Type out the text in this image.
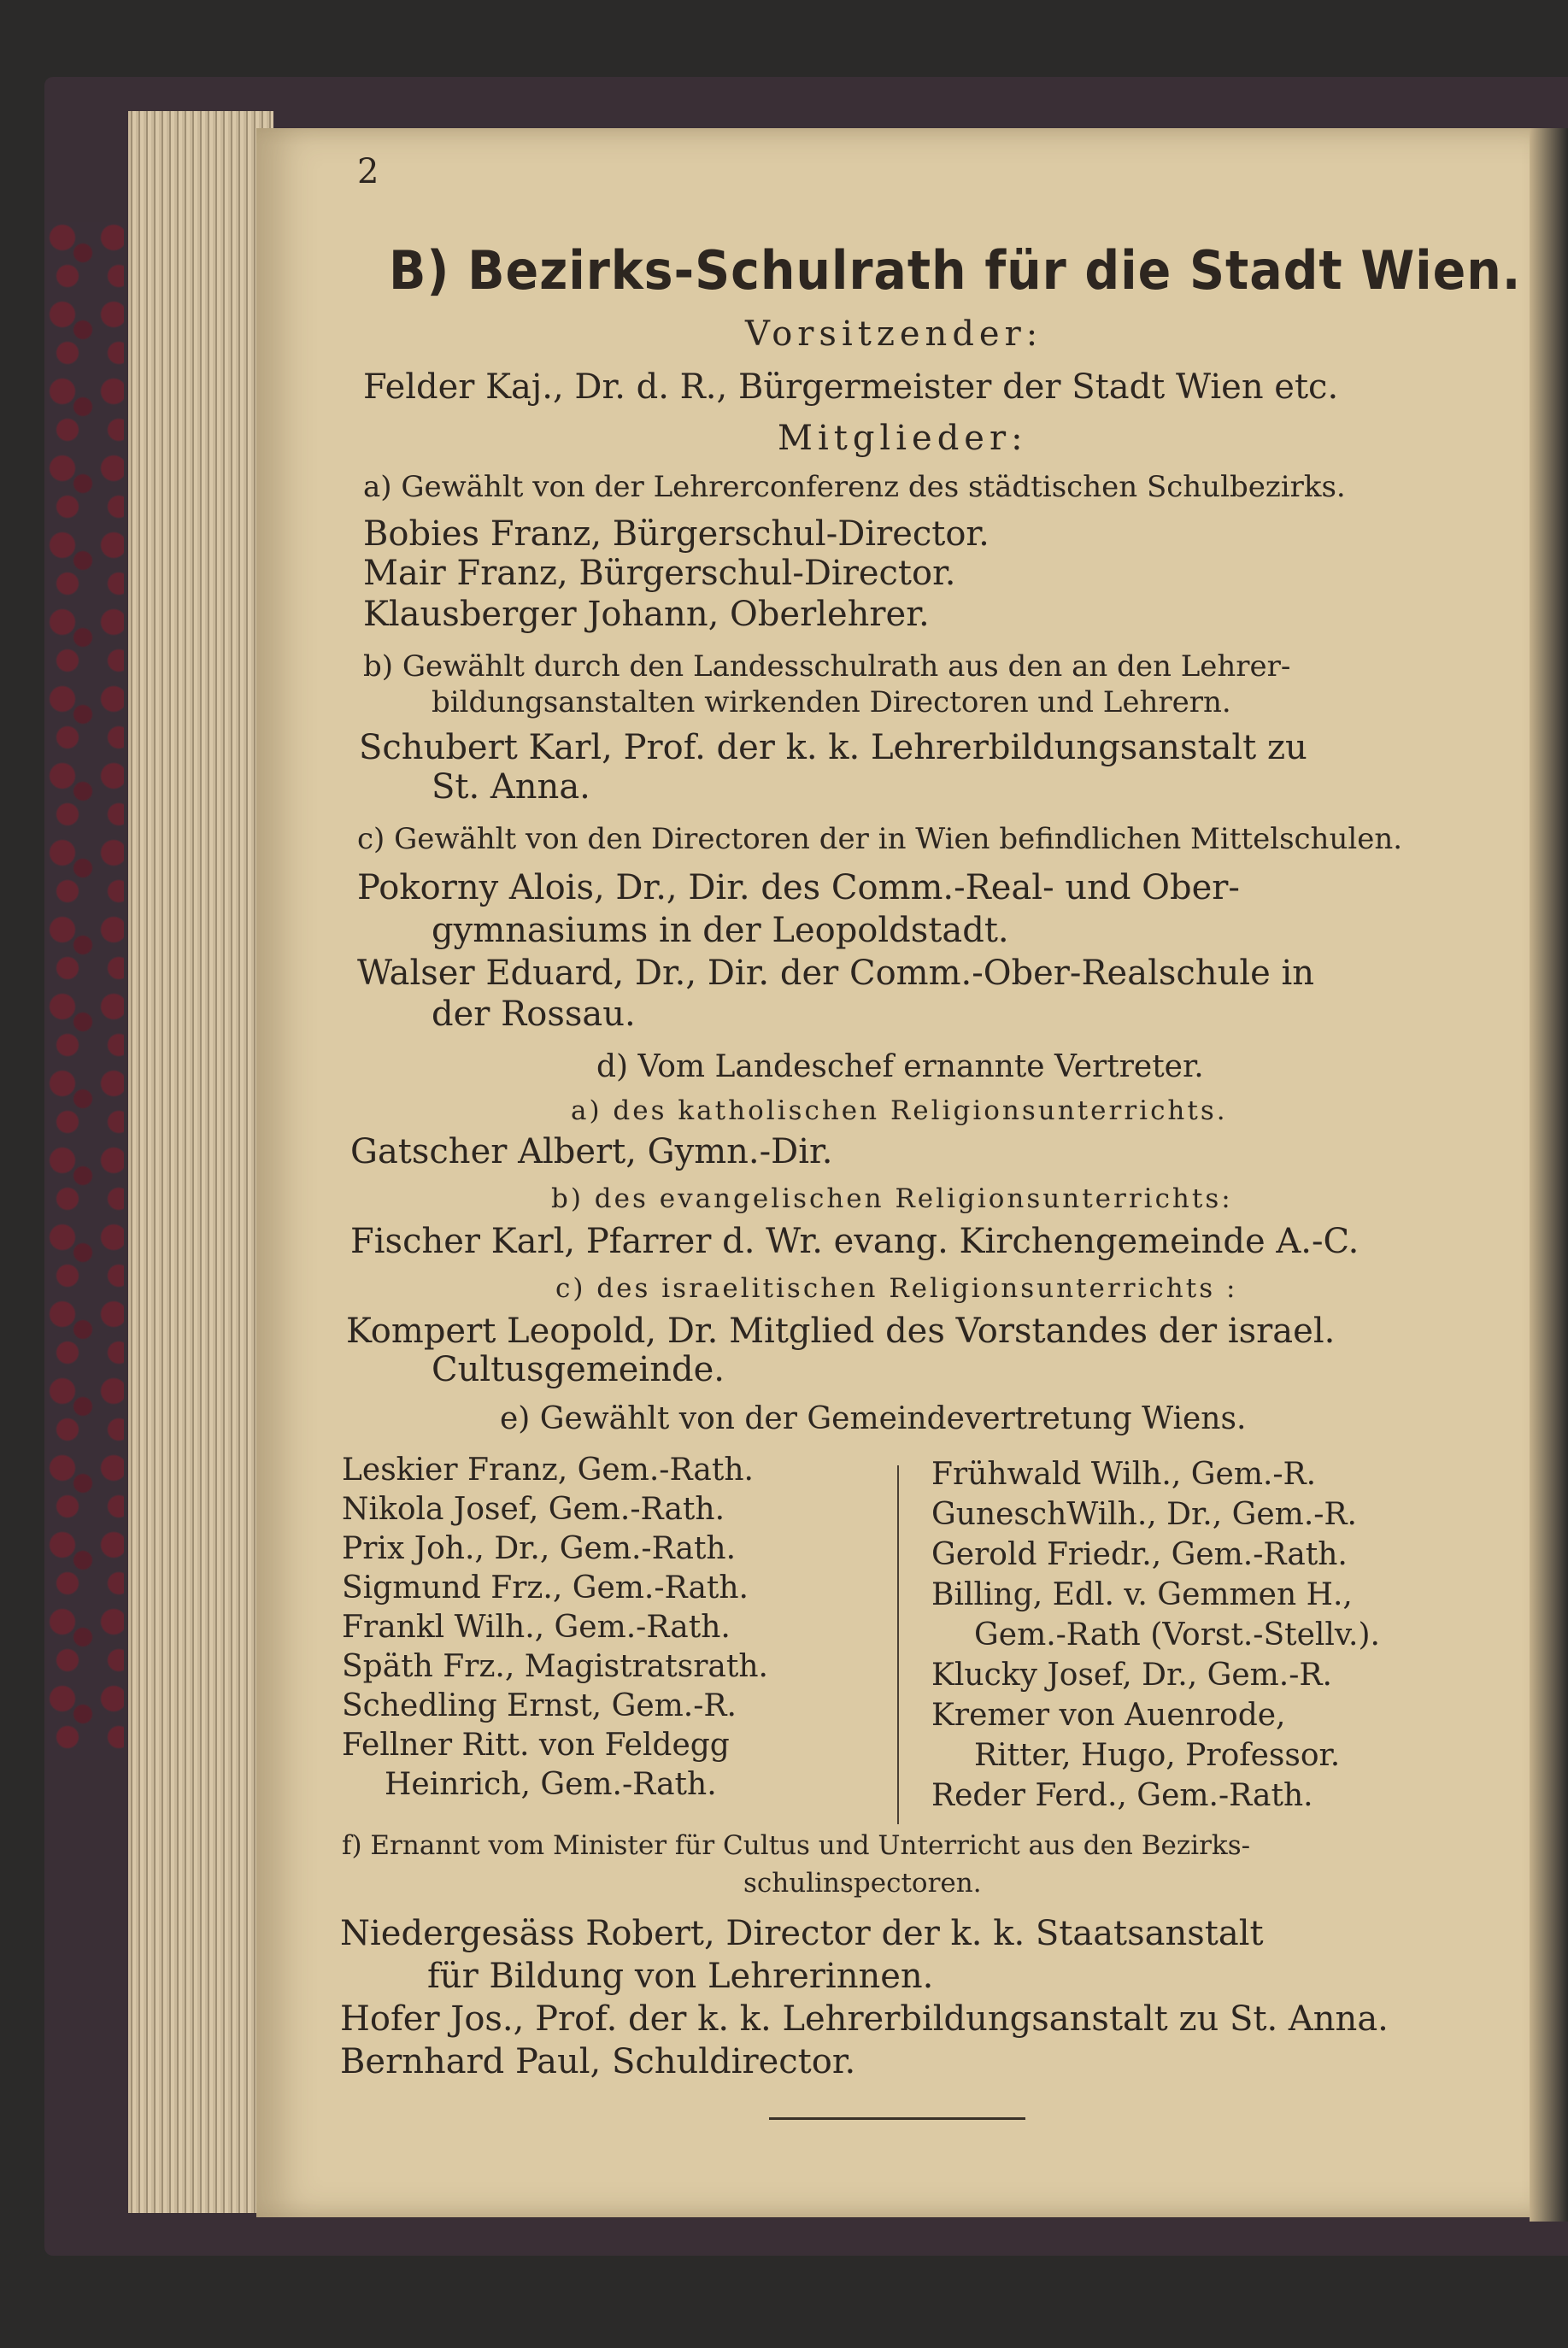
2
B) Bezirks-Schulrath für die Stadt Wien.
Vorsitzender:
Felder Kaj., Dr. d. R., Bürgermeister der Stadt Wien etc.
Mitglieder:
a) Gewählt von der Lehrerconferenz des städtischen Schulbezirks.
Bobies Franz, Bürgerschul-Director.
Mair Franz, Bürgerschul-Director.
Klausberger Johann, Oberlehrer.
b) Gewählt durch den Landesschulrath aus den an den Lehrer-
bildungsanstalten wirkenden Directoren und Lehrern.
Schubert Karl, Prof. der k. k. Lehrerbildungsanstalt zu
St. Anna.
c) Gewählt von den Directoren der in Wien befindlichen Mittelschulen.
Pokorny Alois, Dr., Dir. des Comm.-Real- und Ober-
gymnasiums in der Leopoldstadt.
Walser Eduard, Dr., Dir. der Comm.-Ober-Realschule in
der Rossau.
d) Vom Landeschef ernannte Vertreter.
a) des katholischen Religionsunterrichts.
Gatscher Albert, Gymn.-Dir.
b) des evangelischen Religionsunterrichts:
Fischer Karl, Pfarrer d. Wr. evang. Kirchengemeinde A.-C.
c) des israelitischen Religionsunterrichts :
Kompert Leopold, Dr. Mitglied des Vorstandes der israel.
Cultusgemeinde.
e) Gewählt von der Gemeindevertretung Wiens.
Leskier Franz, Gem.-Rath.
Nikola Josef, Gem.-Rath.
Prix Joh., Dr., Gem.-Rath.
Sigmund Frz., Gem.-Rath.
Frankl Wilh., Gem.-Rath.
Späth Frz., Magistratsrath.
Schedling Ernst, Gem.-R.
Fellner Ritt. von Feldegg
Heinrich, Gem.-Rath.
Frühwald Wilh., Gem.-R.
GuneschWilh., Dr., Gem.-R.
Gerold Friedr., Gem.-Rath.
Billing, Edl. v. Gemmen H.,
Gem.-Rath (Vorst.-Stellv.).
Klucky Josef, Dr., Gem.-R.
Kremer von Auenrode,
Ritter, Hugo, Professor.
Reder Ferd., Gem.-Rath.
f) Ernannt vom Minister für Cultus und Unterricht aus den Bezirks-
schulinspectoren.
Niedergesäss Robert, Director der k. k. Staatsanstalt
für Bildung von Lehrerinnen.
Hofer Jos., Prof. der k. k. Lehrerbildungsanstalt zu St. Anna.
Bernhard Paul, Schuldirector.
